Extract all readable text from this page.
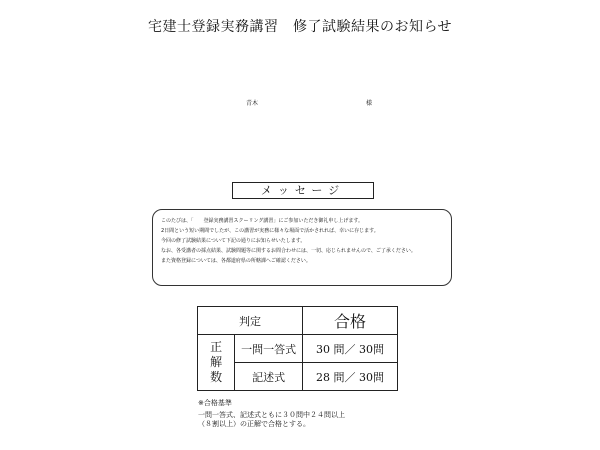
宅建士登録実務講習　修了試験結果のお知らせ
青木	様
メッセージ
このたびは、「　　登録実務講習スクーリング講習」にご参加いただき御礼申し上げます。
2日間という短い期間でしたが、この講習が実務に様々な場面で活かされれば、幸いに存じます。
今回の修了試験結果について下記の通りにお知らせいたします。
なお、各受講者の採点結果、試験問題等に関するお問合わせには、一切、応じられませんので、ご了承ください。
また資格登録については、各都道府県の所轄課へご確認ください。
判定		合格

正
解
数	一問一答式	30 問／ 30問
	記述式	28 問／ 30問
※合格基準
一問一答式、記述式ともに３０問中２４問以上
（８割以上）の正解で合格とする。
